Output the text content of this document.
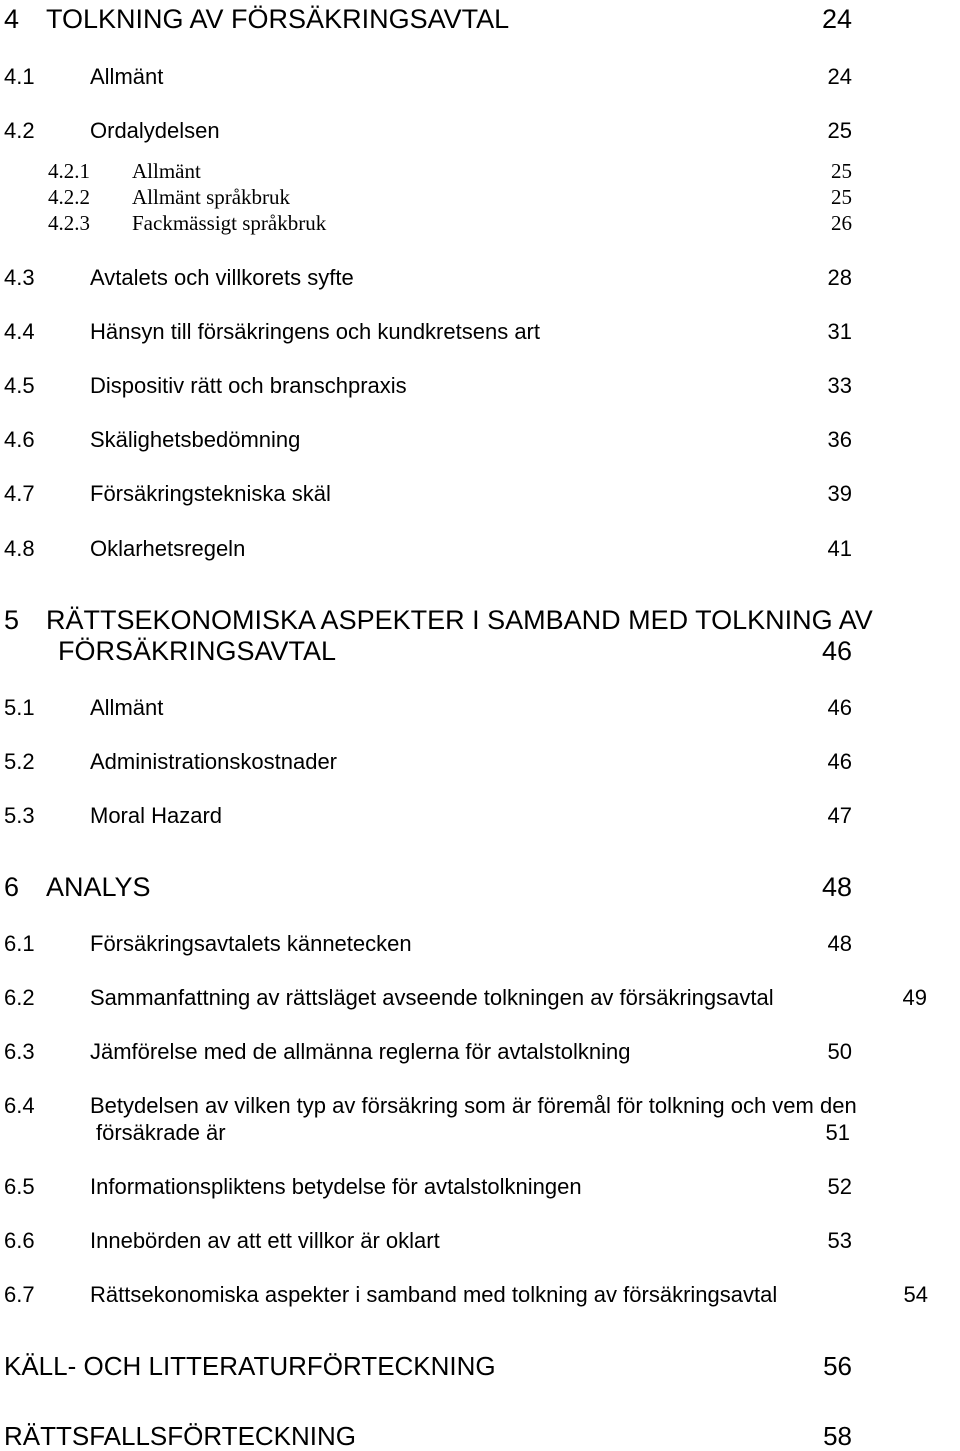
4 TOLKNING AV FÖRSÄKRINGSAVTAL	24
4.1	Allmänt	24
4.2	Ordalydelsen	25
4.2.1 Allmänt	25
4.2.2 Allmänt språkbruk	25
4.2.3 Fackmässigt språkbruk	26
4.3	Avtalets och villkorets syfte	28
4.4	Hänsyn till försäkringens och kundkretsens art	31
4.5	Dispositiv rätt och branschpraxis	33
4.6	Skälighetsbedömning	36
4.7	Försäkringstekniska skäl	39
4.8	Oklarhetsregeln	41
5 RÄTTSEKONOMISKA ASPEKTER I SAMBAND MED TOLKNING AV
FÖRSÄKRINGSAVTAL	46
5.1	Allmänt	46
5.2	Administrationskostnader	46
5.3	Moral Hazard	47
6 ANALYS	48
6.1	Försäkringsavtalets kännetecken	48
6.2	Sammanfattning av rättsläget avseende tolkningen av försäkringsavtal	49
6.3	Jämförelse med de allmänna reglerna för avtalstolkning	50
6.4	Betydelsen av vilken typ av försäkring som är föremål för tolkning och vem den
försäkrade är	51
6.5	Informationspliktens betydelse för avtalstolkningen	52
6.6	Innebörden av att ett villkor är oklart	53
6.7	Rättsekonomiska aspekter i samband med tolkning av försäkringsavtal	54
KÄLL- OCH LITTERATURFÖRTECKNING	56
RÄTTSFALLSFÖRTECKNING	58
